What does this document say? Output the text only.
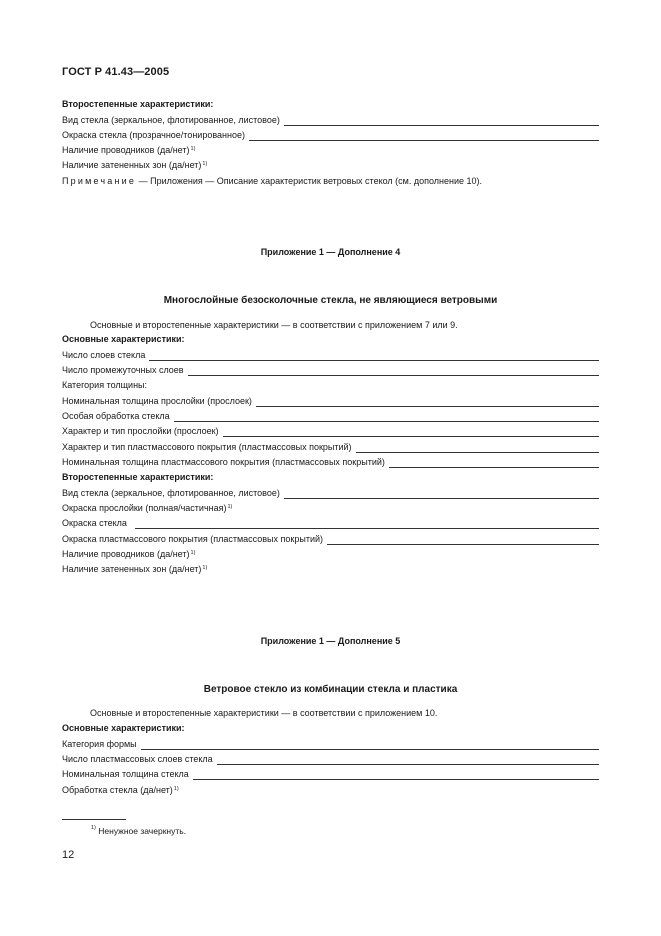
ГОСТ Р 41.43—2005
Второстепенные характеристики:
Вид стекла (зеркальное, флотированное, листовое)
Окраска стекла (прозрачное/тонированное)
Наличие проводников $(да/нет)^{1)}$
Наличие затененных зон $(да/нет)^{1)}$
Примечание
— Приложения — Описание характеристик ветровых стекол (см. дополнение 10).
Приложение 1 — Дополнение 4
Многослойные безосколочные стекла, не являющиеся ветровыми
Основные и второстепенные характеристики — в соответствии с приложением 7 или 9.
Основные характеристики:
Число слоев стекла
Число промежуточных слоев
Категория толщины:
Номинальная толщина прослойки (прослоек)
Особая обработка стекла
Характер и тип прослойки (прослоек)
Характер и тип пластмассового покрытия (пластмассовых покрытий)
Номинальная толщина пластмассового покрытия (пластмассовых покрытий)
Второстепенные характеристики:
Вид стекла (зеркальное, флотированное, листовое)
Окраска прослойки (полная/частичная)$^{1)}$
Окраска стекла
Окраска пластмассового покрытия (пластмассовых покрытий)
Наличие проводников $(да/нет)^{1)}$
Наличие затененных зон $(да/нет)^{1)}$
Приложение 1 — Дополнение 5
Ветровое стекло из комбинации стекла и пластика
Основные и второстепенные характеристики — в соответствии с приложением 10.
Основные характеристики:
Категория формы
Число пластмассовых слоев стекла
Номинальная толщина стекла
Обработка стекла $(да/нет)^{1)}$
$^{1)}$ Ненужное зачеркнуть.
12
